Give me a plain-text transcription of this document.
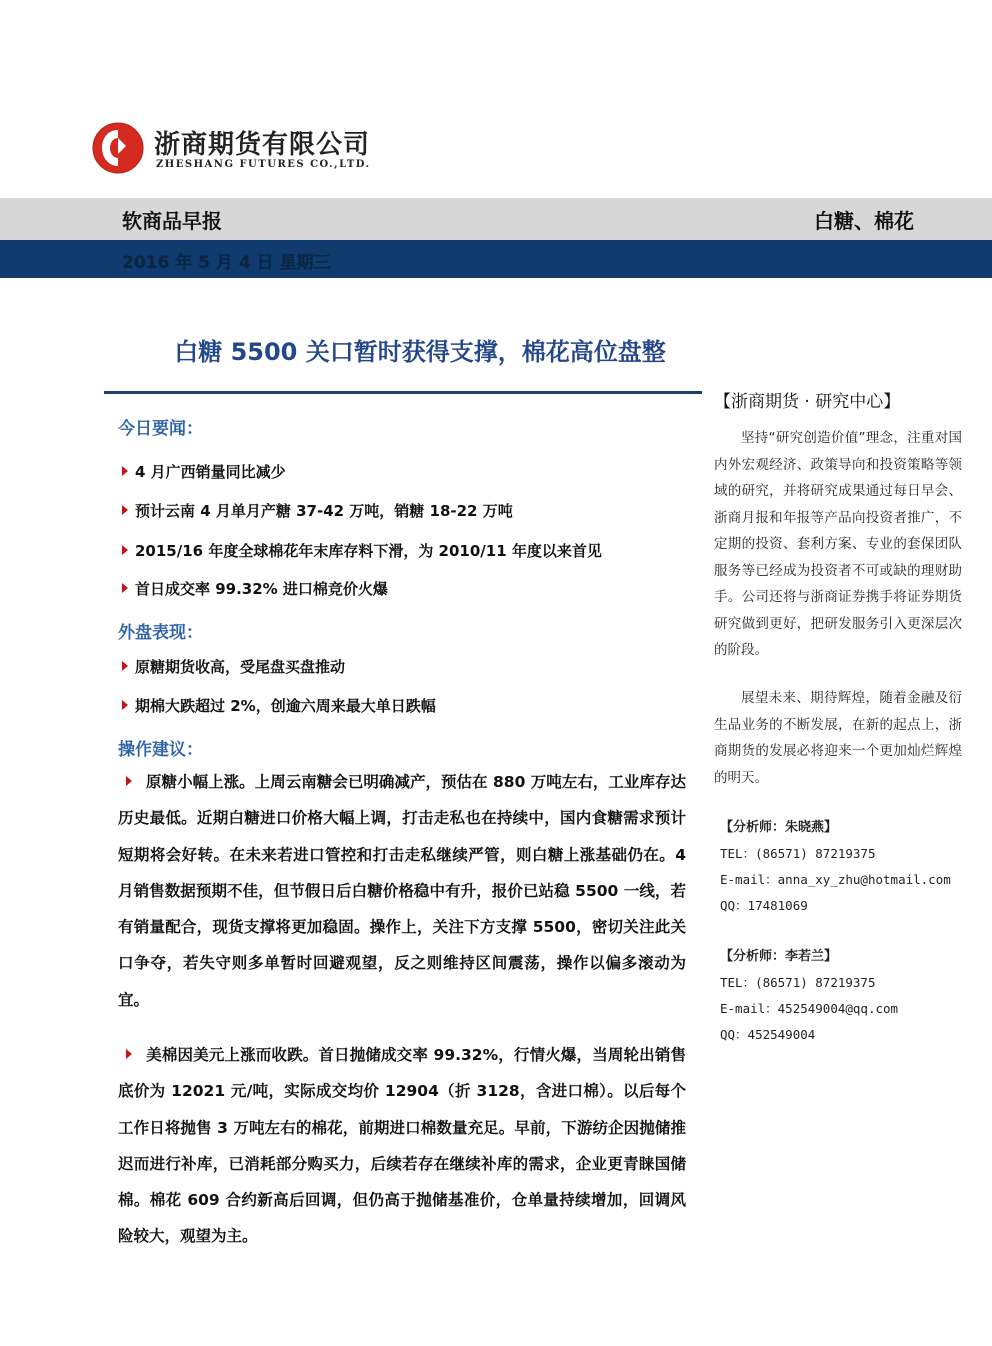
浙商期货有限公司
ZHESHANG FUTURES CO.,LTD.
软商品早报	白糖、棉花
2016 年 5 月 4 日 星期三
白糖 5500 关口暂时获得支撑，棉花高位盘整
今日要闻：
4 月广西销量同比减少
预计云南 4 月单月产糖 37-42 万吨，销糖 18-22 万吨
2015/16 年度全球棉花年末库存料下滑，为 2010/11 年度以来首见
首日成交率 99.32% 进口棉竞价火爆
外盘表现：
原糖期货收高，受尾盘买盘推动
期棉大跌超过 2%，创逾六周来最大单日跌幅
操作建议：
原糖小幅上涨。上周云南糖会已明确减产，预估在 880 万吨左右，工业库存达历史最低。近期白糖进口价格大幅上调，打击走私也在持续中，国内食糖需求预计短期将会好转。在未来若进口管控和打击走私继续严管，则白糖上涨基础仍在。4 月销售数据预期不佳，但节假日后白糖价格稳中有升，报价已站稳 5500 一线，若有销量配合，现货支撑将更加稳固。操作上，关注下方支撑 5500，密切关注此关口争夺，若失守则多单暂时回避观望，反之则维持区间震荡，操作以偏多滚动为宜。
美棉因美元上涨而收跌。首日抛储成交率 99.32%，行情火爆，当周轮出销售底价为 12021 元/吨，实际成交均价 12904（折 3128，含进口棉）。以后每个工作日将抛售 3 万吨左右的棉花，前期进口棉数量充足。早前，下游纺企因抛储推迟而进行补库，已消耗部分购买力，后续若存在继续补库的需求，企业更青睐国储棉。棉花 609 合约新高后回调，但仍高于抛储基准价，仓单量持续增加，回调风险较大，观望为主。
【浙商期货 · 研究中心】

坚持“研究创造价值”理念，注重对国内外宏观经济、政策导向和投资策略等领域的研究，并将研究成果通过每日早会、浙商月报和年报等产品向投资者推广，不定期的投资、套利方案、专业的套保团队服务等已经成为投资者不可或缺的理财助手。公司还将与浙商证券携手将证券期货研究做到更好，把研发服务引入更深层次的阶段。

展望未来、期待辉煌，随着金融及衍生品业务的不断发展，在新的起点上，浙商期货的发展必将迎来一个更加灿烂辉煌的明天。

【分析师：朱晓燕】
TEL：(86571) 87219375
E-mail：anna_xy_zhu@hotmail.com
QQ：17481069
【分析师：李若兰】
TEL：(86571) 87219375
E-mail：452549004@qq.com
QQ：452549004
